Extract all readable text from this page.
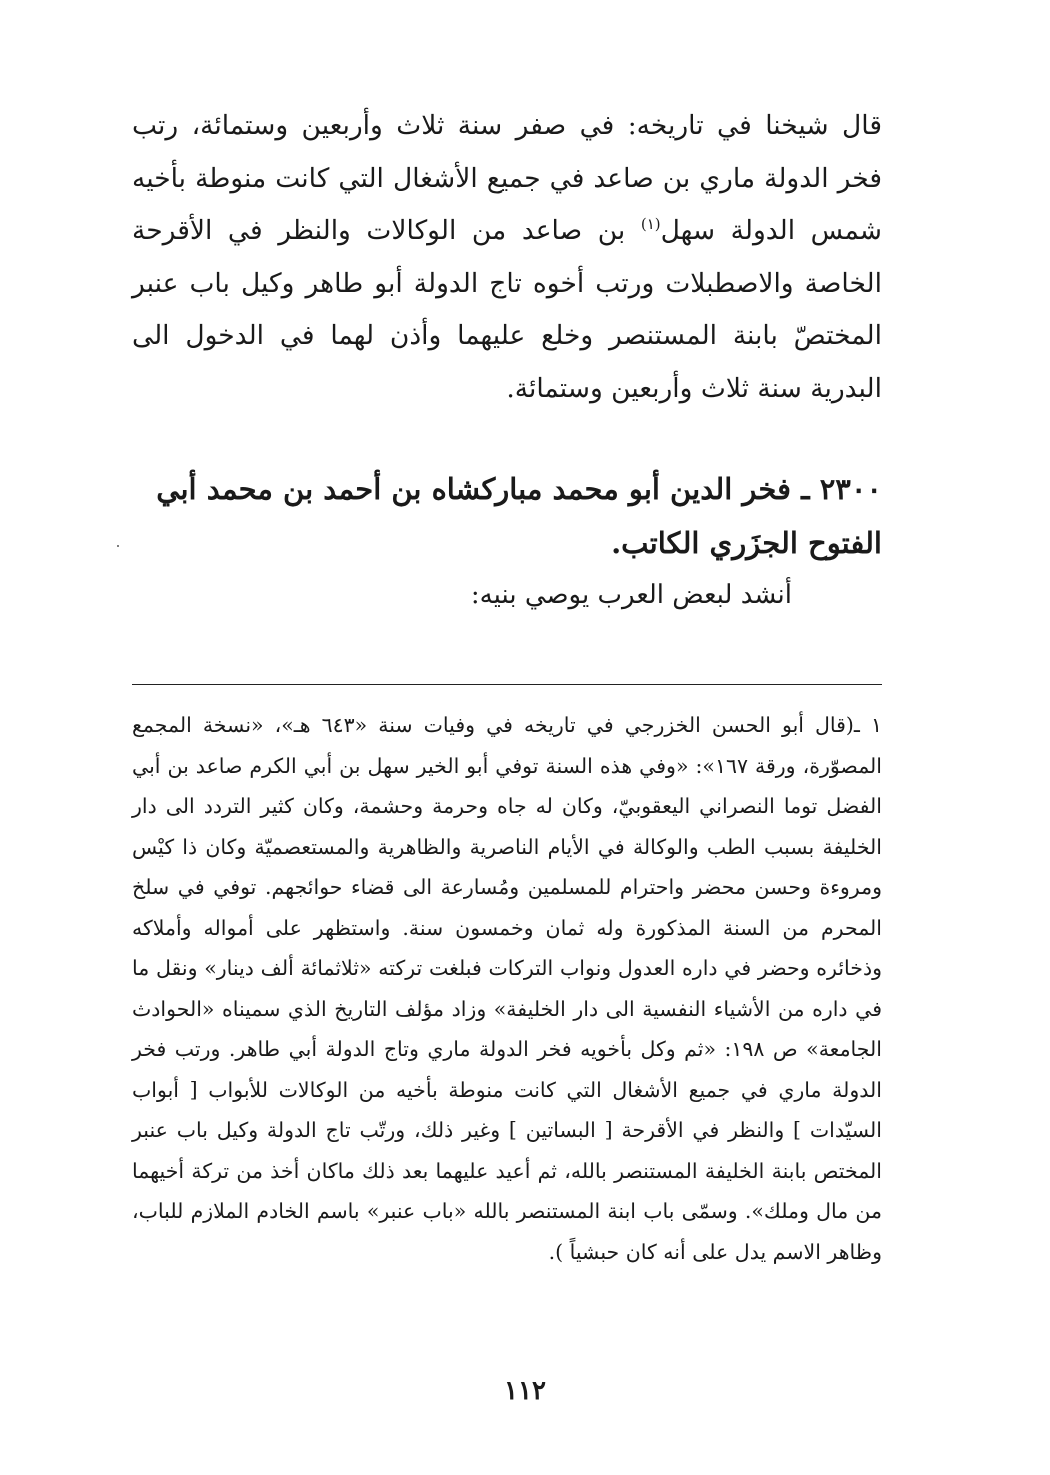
قال شيخنا في تاريخه: في صفر سنة ثلاث وأربعين وستمائة، رتب فخر الدولة ماري بن صاعد في جميع الأشغال التي كانت منوطة بأخيه شمس الدولة سهل$^{(١)}$ بن صاعد من الوكالات والنظر في الأقرحة الخاصة والاصطبلات ورتب أخوه تاج الدولة أبو طاهر وكيل باب عنبر المختصّ بابنة المستنصر وخلع عليهما وأذن لهما في الدخول الى البدرية سنة ثلاث وأربعين وستمائة.

٢٣٠٠ ـ فخر الدين أبو محمد مباركشاه بن أحمد بن محمد أبي الفتوح الجزَري الكاتب.

أنشد لبعض العرب يوصي بنيه:

١ ـ(قال أبو الحسن الخزرجي في تاريخه في وفيات سنة «٦٤٣ هـ»، «نسخة المجمع المصوّرة، ورقة ١٦٧»: «وفي هذه السنة توفي أبو الخير سهل بن أبي الكرم صاعد بن أبي الفضل توما النصراني اليعقوبيّ، وكان له جاه وحرمة وحشمة، وكان كثير التردد الى دار الخليفة بسبب الطب والوكالة في الأيام الناصرية والظاهرية والمستعصميّة وكان ذا كيْس ومروءة وحسن محضر واحترام للمسلمين ومُسارعة الى قضاء حوائجهم. توفي في سلخ المحرم من السنة المذكورة وله ثمان وخمسون سنة. واستظهر على أمواله وأملاكه وذخائره وحضر في داره العدول ونواب التركات فبلغت تركته «ثلاثمائة ألف دينار» ونقل ما في داره من الأشياء النفسية الى دار الخليفة» وزاد مؤلف التاريخ الذي سميناه «الحوادث الجامعة» ص ١٩٨: «ثم وكل بأخويه فخر الدولة ماري وتاج الدولة أبي طاهر. ورتب فخر الدولة ماري في جميع الأشغال التي كانت منوطة بأخيه من الوكالات للأبواب [ أبواب السيّدات ] والنظر في الأقرحة [ البساتين ] وغير ذلك، ورتّب تاج الدولة وكيل باب عنبر المختص بابنة الخليفة المستنصر بالله، ثم أعيد عليهما بعد ذلك ماكان أخذ من تركة أخيهما من مال وملك». وسمّى باب ابنة المستنصر بالله «باب عنبر» باسم الخادم الملازم للباب، وظاهر الاسم يدل على أنه كان حبشياً ).

١١٢
